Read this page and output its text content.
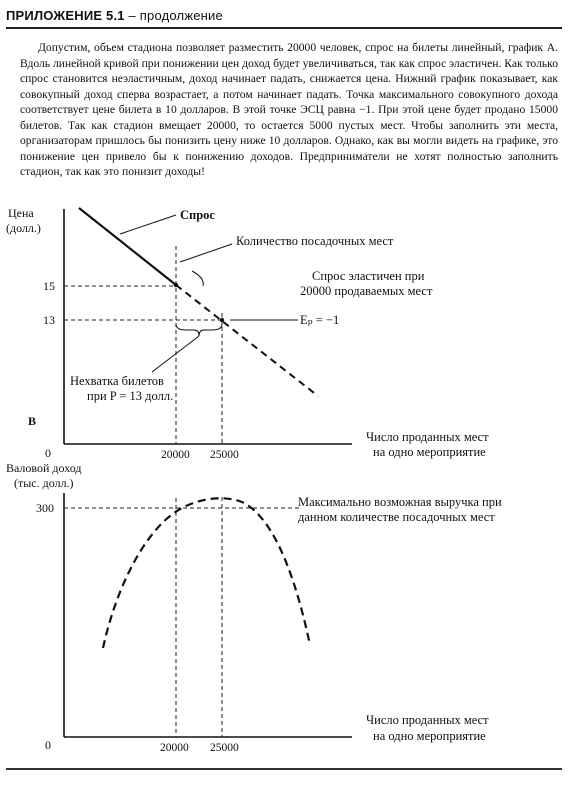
ПРИЛОЖЕНИЕ 5.1 – продолжение
Допустим, объем стадиона позволяет разместить 20000 человек, спрос на билеты линейный, график А. Вдоль линейной кривой при понижении цен доход будет увеличиваться, так как спрос эластичен. Как только спрос становится неэластичным, доход начинает падать, снижается цена. Нижний график показывает, как совокупный доход сперва возрастает, а потом начинает падать. Точка максимального совокупного дохода соответствует цене билета в 10 долларов. В этой точке ЭСЦ равна −1. При этой цене будет продано 15000 билетов. Так как стадион вмещает 20000, то остается 5000 пустых мест. Чтобы заполнить эти места, организаторам пришлось бы понизить цену ниже 10 долларов. Однако, как вы могли видеть на графике, это понижение цен привело бы к понижению доходов. Предприниматели не хотят полностью заполнить стадион, так как это понизит доходы!
Цена
(долл.)
В
0
15
13
Спрос
Количество посадочных мест
Спрос эластичен при
20000 продаваемых мест
Eₚ = −1
Нехватка билетов
при P = 13 долл.
20000 25000
Число проданных мест
на одно мероприятие
Валовой доход
(тыс. долл.)
300
0
Максимально возможная выручка при
данном количестве посадочных мест
20000 25000
Число проданных мест
на одно мероприятие
